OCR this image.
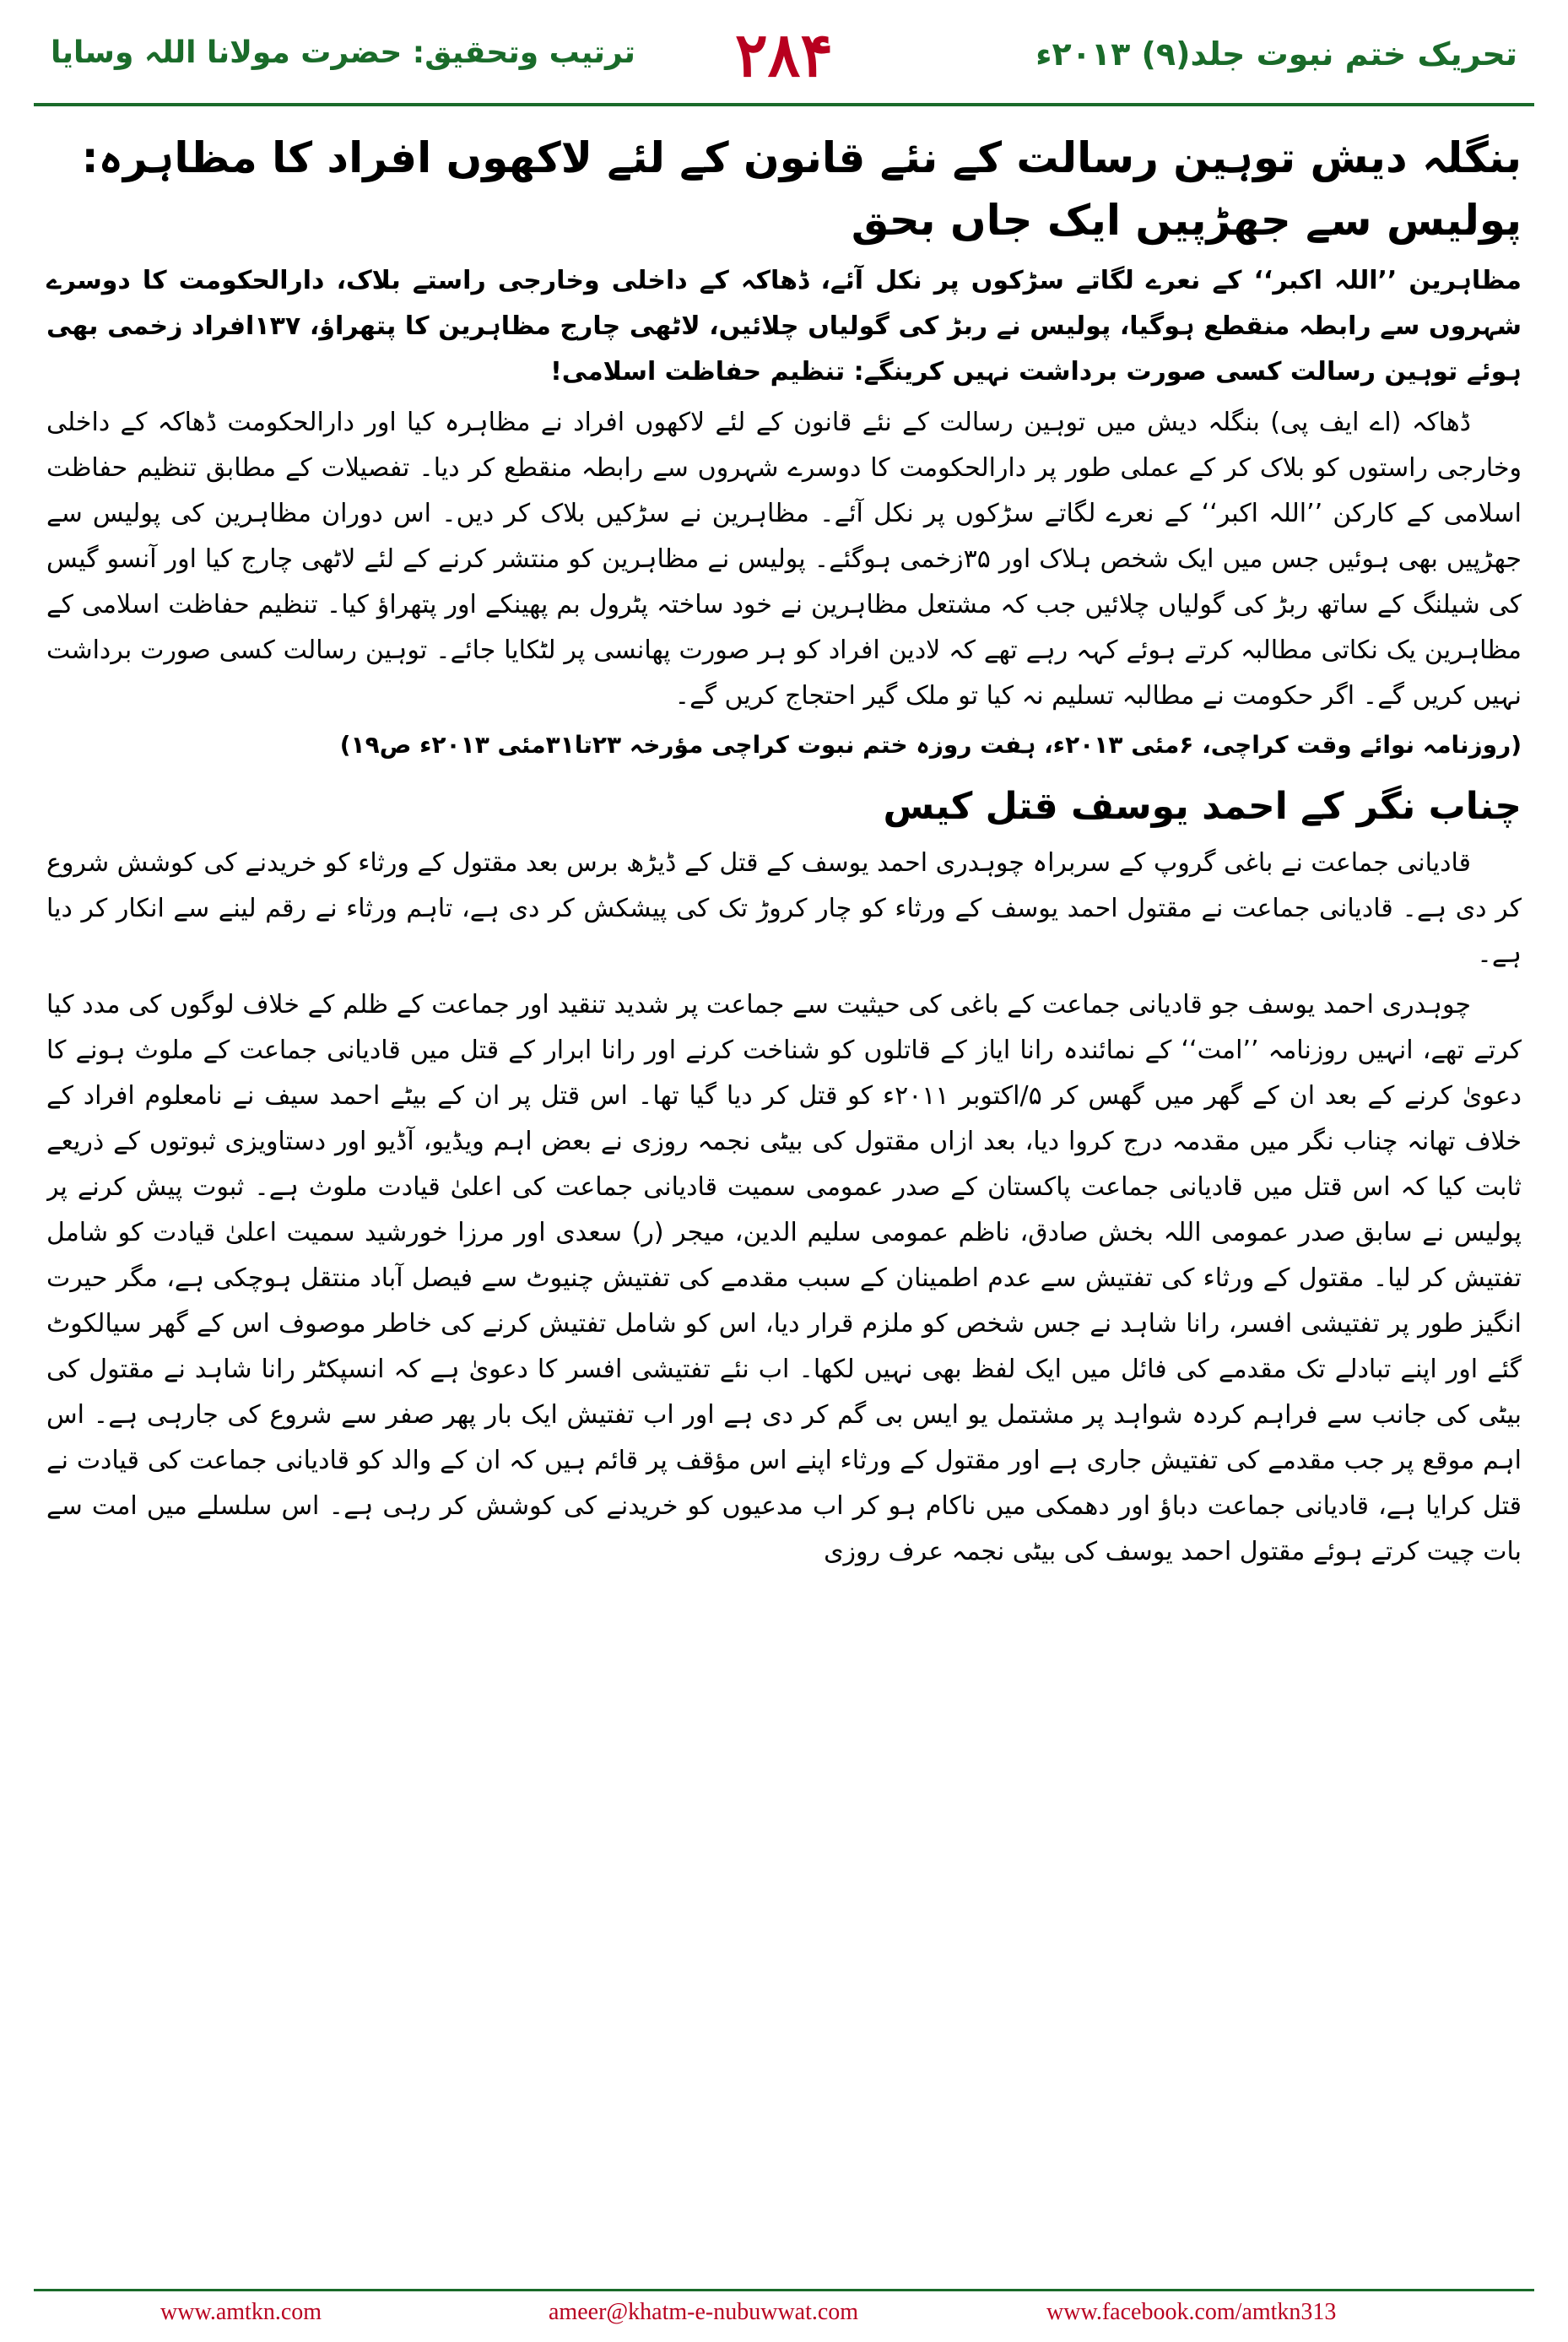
تحریک ختم نبوت جلد(۹) ۲۰۱۳ء
۲۸۴
ترتیب وتحقیق: حضرت مولانا اللہ وسایا
بنگلہ دیش توہین رسالت کے نئے قانون کے لئے لاکھوں افراد کا مظاہرہ: پولیس سے جھڑپیں ایک جاں بحق

مظاہرین ’’اللہ اکبر‘‘ کے نعرے لگاتے سڑکوں پر نکل آئے، ڈھاکہ کے داخلی وخارجی راستے بلاک، دارالحکومت کا دوسرے شہروں سے رابطہ منقطع ہوگیا، پولیس نے ربڑ کی گولیاں چلائیں، لاٹھی چارج مظاہرین کا پتھراؤ، ۱۳۷افراد زخمی بھی ہوئے توہین رسالت کسی صورت برداشت نہیں کرینگے: تنظیم حفاظت اسلامی!

ڈھاکہ (اے ایف پی) بنگلہ دیش میں توہین رسالت کے نئے قانون کے لئے لاکھوں افراد نے مظاہرہ کیا اور دارالحکومت ڈھاکہ کے داخلی وخارجی راستوں کو بلاک کر کے عملی طور پر دارالحکومت کا دوسرے شہروں سے رابطہ منقطع کر دیا۔ تفصیلات کے مطابق تنظیم حفاظت اسلامی کے کارکن ’’اللہ اکبر‘‘ کے نعرے لگاتے سڑکوں پر نکل آئے۔ مظاہرین نے سڑکیں بلاک کر دیں۔ اس دوران مظاہرین کی پولیس سے جھڑپیں بھی ہوئیں جس میں ایک شخص ہلاک اور ۳۵زخمی ہوگئے۔ پولیس نے مظاہرین کو منتشر کرنے کے لئے لاٹھی چارج کیا اور آنسو گیس کی شیلنگ کے ساتھ ربڑ کی گولیاں چلائیں جب کہ مشتعل مظاہرین نے خود ساختہ پٹرول بم پھینکے اور پتھراؤ کیا۔ تنظیم حفاظت اسلامی کے مظاہرین یک نکاتی مطالبہ کرتے ہوئے کہہ رہے تھے کہ لادین افراد کو ہر صورت پھانسی پر لٹکایا جائے۔ توہین رسالت کسی صورت برداشت نہیں کریں گے۔ اگر حکومت نے مطالبہ تسلیم نہ کیا تو ملک گیر احتجاج کریں گے۔

(روزنامہ نوائے وقت کراچی، ۶مئی ۲۰۱۳ء، ہفت روزہ ختم نبوت کراچی مؤرخہ ۲۳تا۳۱مئی ۲۰۱۳ء ص۱۹)
چناب نگر کے احمد یوسف قتل کیس

قادیانی جماعت نے باغی گروپ کے سربراہ چوہدری احمد یوسف کے قتل کے ڈیڑھ برس بعد مقتول کے ورثاء کو خریدنے کی کوشش شروع کر دی ہے۔ قادیانی جماعت نے مقتول احمد یوسف کے ورثاء کو چار کروڑ تک کی پیشکش کر دی ہے، تاہم ورثاء نے رقم لینے سے انکار کر دیا ہے۔

چوہدری احمد یوسف جو قادیانی جماعت کے باغی کی حیثیت سے جماعت پر شدید تنقید اور جماعت کے ظلم کے خلاف لوگوں کی مدد کیا کرتے تھے، انہیں روزنامہ ’’امت‘‘ کے نمائندہ رانا ایاز کے قاتلوں کو شناخت کرنے اور رانا ابرار کے قتل میں قادیانی جماعت کے ملوث ہونے کا دعویٰ کرنے کے بعد ان کے گھر میں گھس کر ۵/اکتوبر ۲۰۱۱ء کو قتل کر دیا گیا تھا۔ اس قتل پر ان کے بیٹے احمد سیف نے نامعلوم افراد کے خلاف تھانہ چناب نگر میں مقدمہ درج کروا دیا، بعد ازاں مقتول کی بیٹی نجمہ روزی نے بعض اہم ویڈیو، آڈیو اور دستاویزی ثبوتوں کے ذریعے ثابت کیا کہ اس قتل میں قادیانی جماعت پاکستان کے صدر عمومی سمیت قادیانی جماعت کی اعلیٰ قیادت ملوث ہے۔ ثبوت پیش کرنے پر پولیس نے سابق صدر عمومی اللہ بخش صادق، ناظم عمومی سلیم الدین، میجر (ر) سعدی اور مرزا خورشید سمیت اعلیٰ قیادت کو شامل تفتیش کر لیا۔ مقتول کے ورثاء کی تفتیش سے عدم اطمینان کے سبب مقدمے کی تفتیش چنیوٹ سے فیصل آباد منتقل ہوچکی ہے، مگر حیرت انگیز طور پر تفتیشی افسر، رانا شاہد نے جس شخص کو ملزم قرار دیا، اس کو شامل تفتیش کرنے کی خاطر موصوف اس کے گھر سیالکوٹ گئے اور اپنے تبادلے تک مقدمے کی فائل میں ایک لفظ بھی نہیں لکھا۔ اب نئے تفتیشی افسر کا دعویٰ ہے کہ انسپکٹر رانا شاہد نے مقتول کی بیٹی کی جانب سے فراہم کردہ شواہد پر مشتمل یو ایس بی گم کر دی ہے اور اب تفتیش ایک بار پھر صفر سے شروع کی جارہی ہے۔ اس اہم موقع پر جب مقدمے کی تفتیش جاری ہے اور مقتول کے ورثاء اپنے اس مؤقف پر قائم ہیں کہ ان کے والد کو قادیانی جماعت کی قیادت نے قتل کرایا ہے، قادیانی جماعت دباؤ اور دھمکی میں ناکام ہو کر اب مدعیوں کو خریدنے کی کوشش کر رہی ہے۔ اس سلسلے میں امت سے بات چیت کرتے ہوئے مقتول احمد یوسف کی بیٹی نجمہ عرف روزی

www.amtkn.com	ameer@khatm-e-nubuwwat.com	www.facebook.com/amtkn313
